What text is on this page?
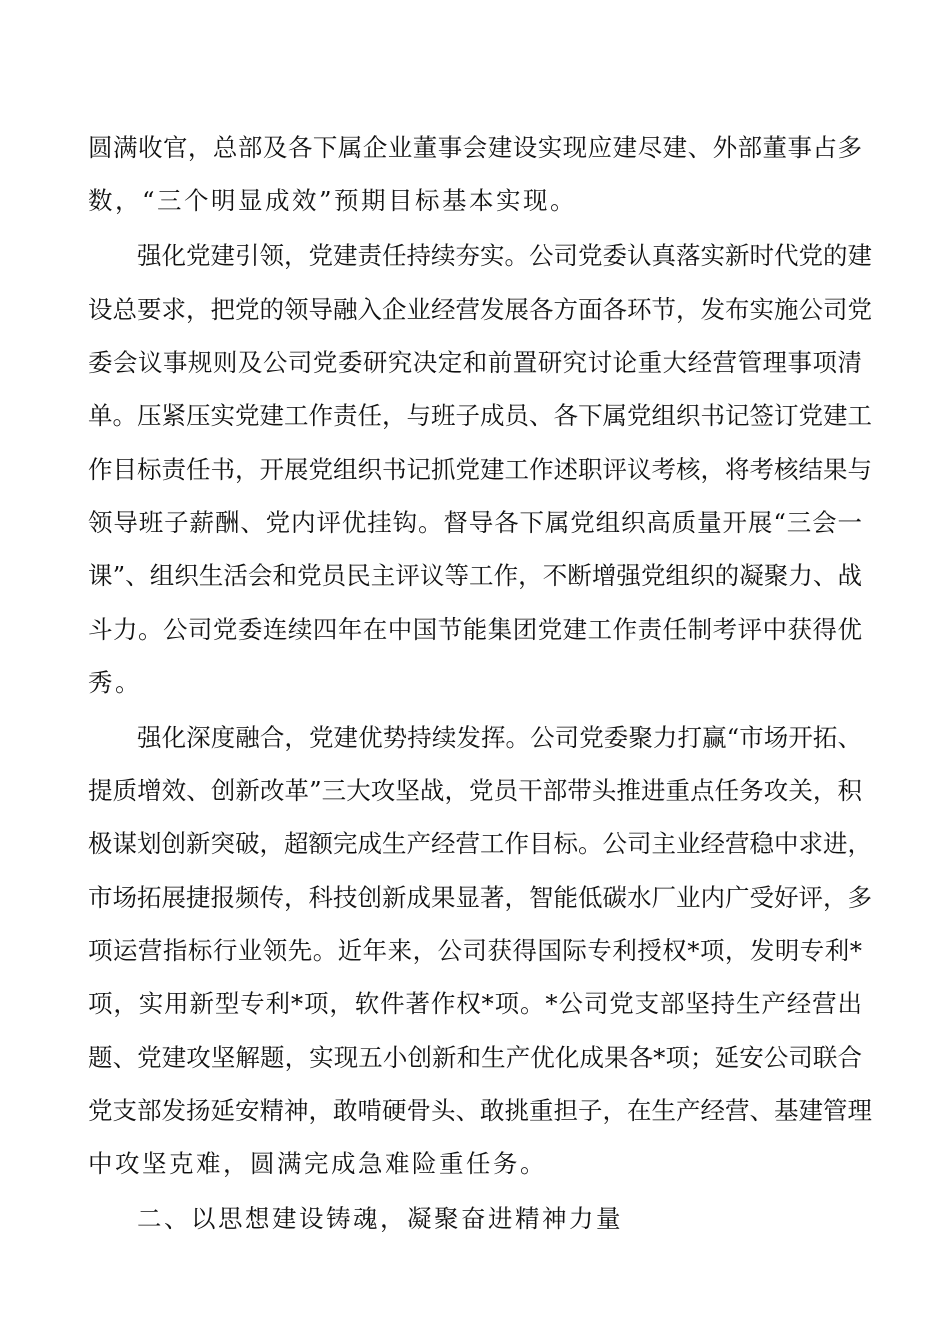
圆满收官，总部及各下属企业董事会建设实现应建尽建、外部董事占多
数，“三个明显成效”预期目标基本实现。
强化党建引领，党建责任持续夯实。公司党委认真落实新时代党的建
设总要求，把党的领导融入企业经营发展各方面各环节，发布实施公司党
委会议事规则及公司党委研究决定和前置研究讨论重大经营管理事项清
单。压紧压实党建工作责任，与班子成员、各下属党组织书记签订党建工
作目标责任书，开展党组织书记抓党建工作述职评议考核，将考核结果与
领导班子薪酬、党内评优挂钩。督导各下属党组织高质量开展“三会一
课”、组织生活会和党员民主评议等工作，不断增强党组织的凝聚力、战
斗力。公司党委连续四年在中国节能集团党建工作责任制考评中获得优
秀。
强化深度融合，党建优势持续发挥。公司党委聚力打赢“市场开拓、
提质增效、创新改革”三大攻坚战，党员干部带头推进重点任务攻关，积
极谋划创新突破，超额完成生产经营工作目标。公司主业经营稳中求进，
市场拓展捷报频传，科技创新成果显著，智能低碳水厂业内广受好评，多
项运营指标行业领先。近年来，公司获得国际专利授权*项，发明专利*
项，实用新型专利*项，软件著作权*项。*公司党支部坚持生产经营出
题、党建攻坚解题，实现五小创新和生产优化成果各*项；延安公司联合
党支部发扬延安精神，敢啃硬骨头、敢挑重担子，在生产经营、基建管理
中攻坚克难，圆满完成急难险重任务。
二、以思想建设铸魂，凝聚奋进精神力量
